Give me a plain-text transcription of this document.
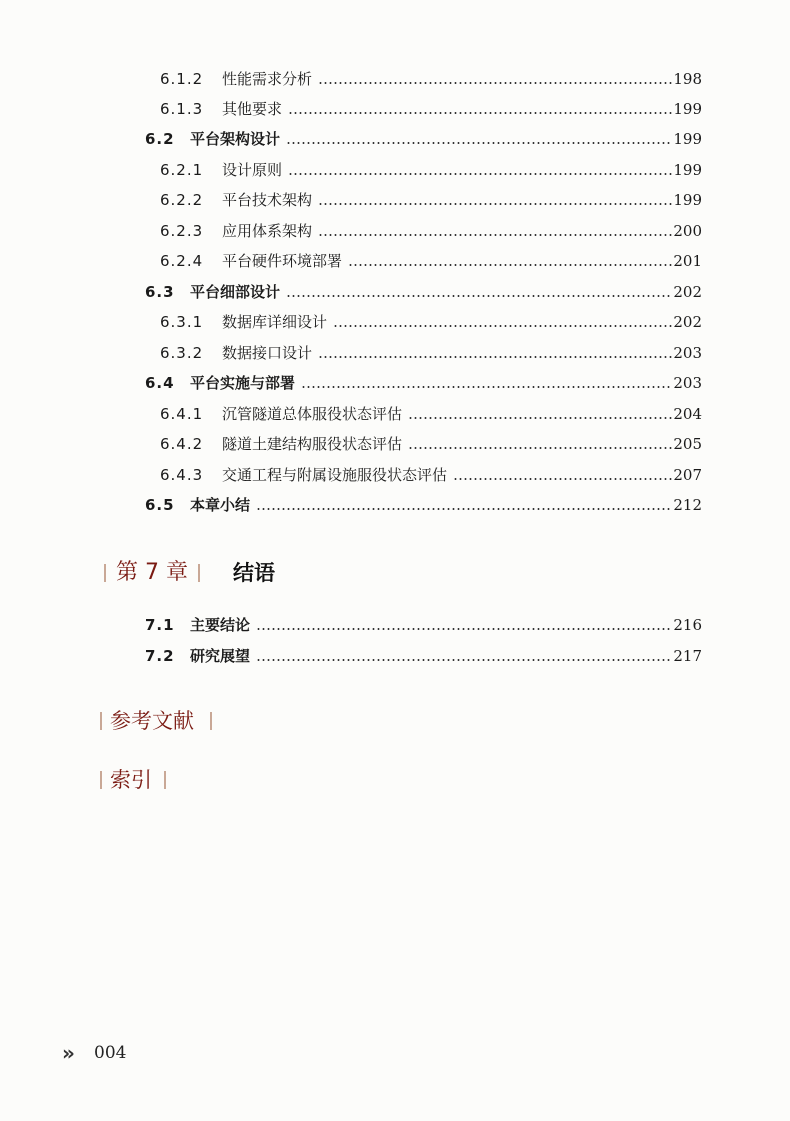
6.1.2 性能需求分析	198
6.1.3 其他要求	199
6.2 平台架构设计	199
6.2.1 设计原则	199
6.2.2 平台技术架构	199
6.2.3 应用体系架构	200
6.2.4 平台硬件环境部署	201
6.3 平台细部设计	202
6.3.1 数据库详细设计	202
6.3.2 数据接口设计	203
6.4 平台实施与部署	203
6.4.1 沉管隧道总体服役状态评估	204
6.4.2 隧道土建结构服役状态评估	205
6.4.3 交通工程与附属设施服役状态评估	207
6.5 本章小结	212
第 7 章 结语
7.1 主要结论	216
7.2 研究展望	217
参考文献
索引
» 004
